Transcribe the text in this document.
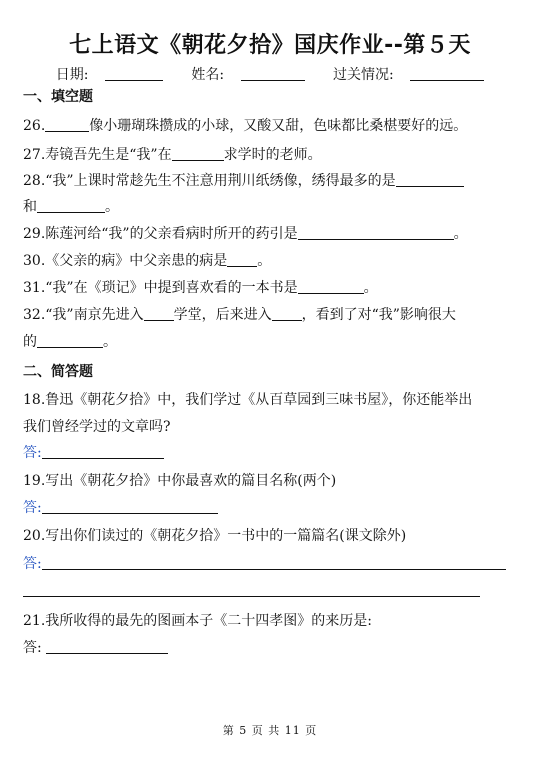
七上语文《朝花夕拾》国庆作业--第５天
日期:	姓名:	过关情况:
一、填空题
26.	像小珊瑚珠攒成的小球，又酸又甜，色味都比桑椹要好的远。
27.寿镜吾先生是“我”在	求学时的老师。
28.“我”上课时常趁先生不注意用荆川纸绣像，绣得最多的是
和	。
29.陈莲河给“我”的父亲看病时所开的药引是	。
30.《父亲的病》中父亲患的病是 。
31.“我”在《琐记》中提到喜欢看的一本书是	。
32.“我”南京先进入 学堂，后来进入 ，看到了对“我”影响很大
的	。
二、简答题
18.鲁迅《朝花夕拾》中，我们学过《从百草园到三味书屋》，你还能举出
我们曾经学过的文章吗?
答:
19.写出《朝花夕拾》中你最喜欢的篇目名称(两个)
答:
20.写出你们读过的《朝花夕拾》一书中的一篇篇名(课文除外)
答:
21.我所收得的最先的图画本子《二十四孝图》的来历是:
答:
第 5 页 共 11 页
